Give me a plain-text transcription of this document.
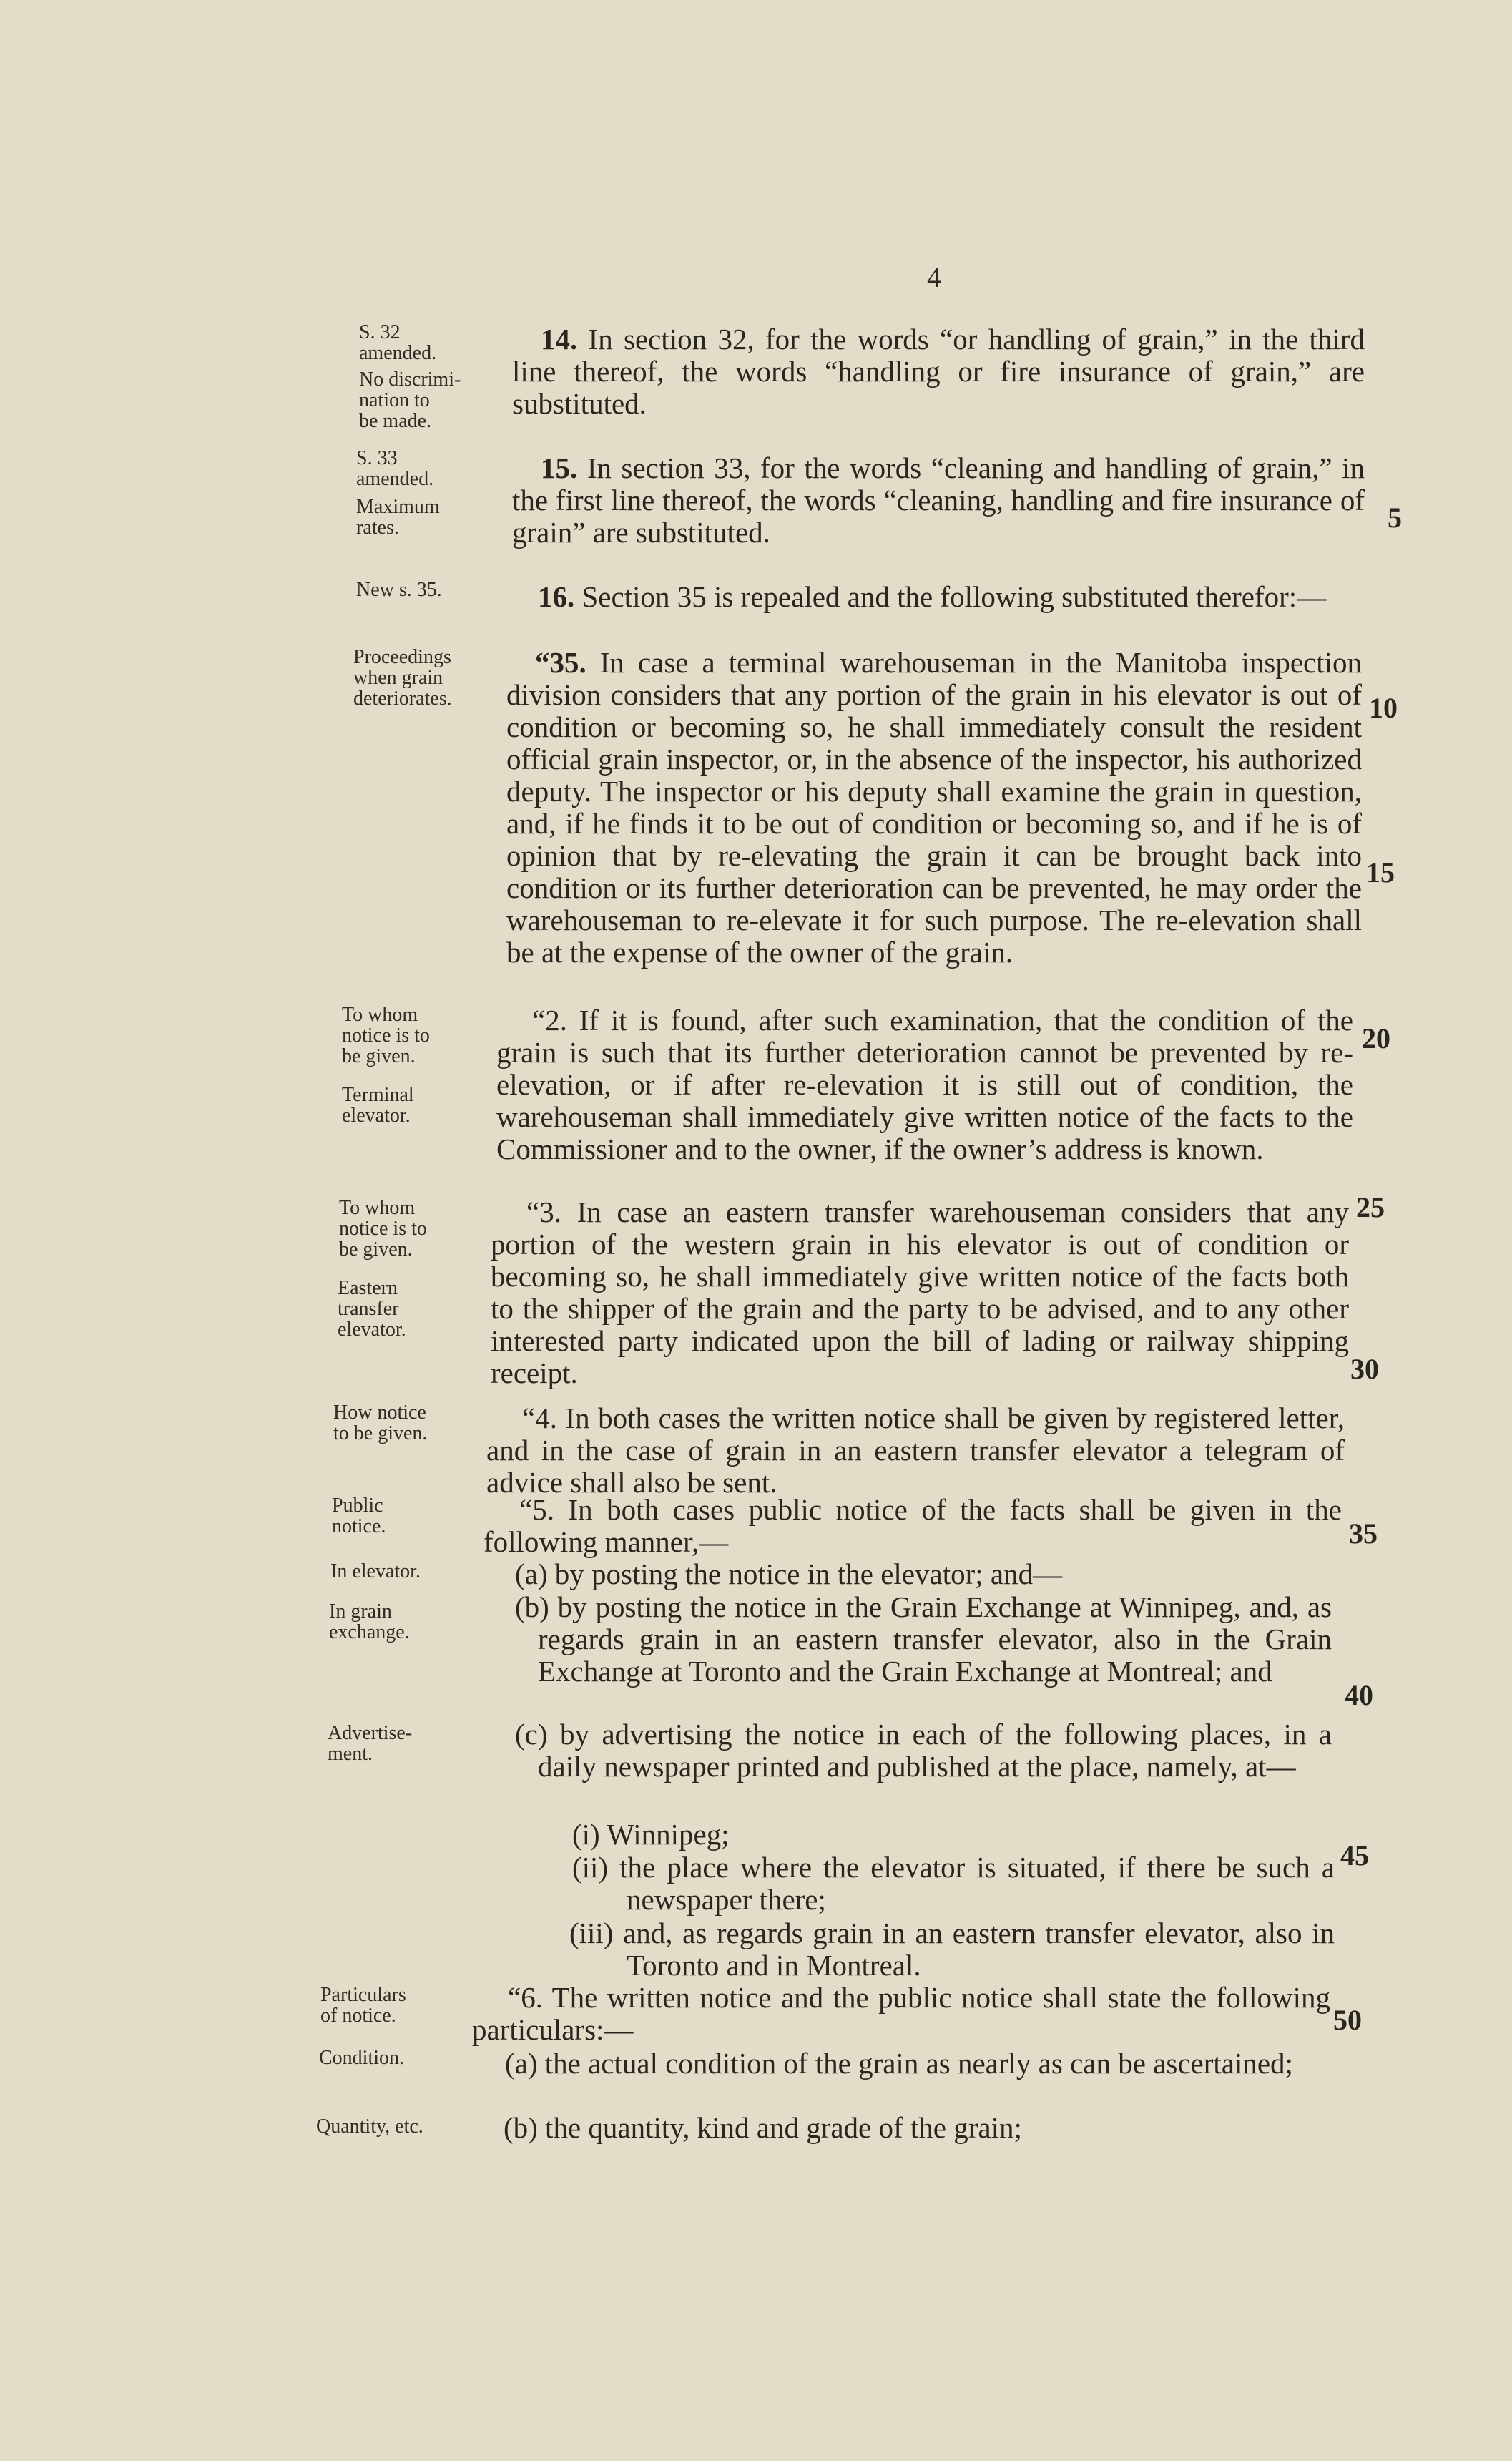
4
S. 32
amended.
No discrimi-
nation to
be made.
S. 33
amended.
Maximum
rates.
New s. 35.
Proceedings
when grain
deteriorates.
To whom
notice is to
be given.
Terminal
elevator.
To whom
notice is to
be given.
Eastern
transfer
elevator.
How notice
to be given.
Public
notice.
In elevator.
In grain
exchange.
Advertise-
ment.
Particulars
of notice.
Condition.
Quantity, etc.
14. In section 32, for the words “or handling of grain,” in the third line thereof, the words “handling or fire insurance of grain,” are substituted.
15. In section 33, for the words “cleaning and handling of grain,” in the first line thereof, the words “cleaning, handling and fire insurance of grain” are substituted.
16. Section 35 is repealed and the following substituted therefor:—
“35. In case a terminal warehouseman in the Manitoba inspection division considers that any portion of the grain in his elevator is out of condition or becoming so, he shall immediately consult the resident official grain inspector, or, in the absence of the inspector, his authorized deputy. The inspector or his deputy shall examine the grain in question, and, if he finds it to be out of condition or becoming so, and if he is of opinion that by re-elevating the grain it can be brought back into condition or its further deterioration can be prevented, he may order the warehouseman to re-elevate it for such purpose. The re-elevation shall be at the expense of the owner of the grain.
“2. If it is found, after such examination, that the condition of the grain is such that its further deterioration cannot be prevented by re-elevation, or if after re-elevation it is still out of condition, the warehouseman shall immediately give written notice of the facts to the Commissioner and to the owner, if the owner’s address is known.
“3. In case an eastern transfer warehouseman considers that any portion of the western grain in his elevator is out of condition or becoming so, he shall immediately give written notice of the facts both to the shipper of the grain and the party to be advised, and to any other interested party indicated upon the bill of lading or railway shipping receipt.
“4. In both cases the written notice shall be given by registered letter, and in the case of grain in an eastern transfer elevator a telegram of advice shall also be sent.
“5. In both cases public notice of the facts shall be given in the following manner,—
(a) by posting the notice in the elevator; and—
(b) by posting the notice in the Grain Exchange at Winnipeg, and, as regards grain in an eastern transfer elevator, also in the Grain Exchange at Toronto and the Grain Exchange at Montreal; and
(c) by advertising the notice in each of the following places, in a daily newspaper printed and published at the place, namely, at—
(i) Winnipeg;
(ii) the place where the elevator is situated, if there be such a newspaper there;
(iii) and, as regards grain in an eastern transfer elevator, also in Toronto and in Montreal.
“6. The written notice and the public notice shall state the following particulars:—
(a) the actual condition of the grain as nearly as can be ascertained;
(b) the quantity, kind and grade of the grain;
5
10
15
20
25
30
35
40
45
50
